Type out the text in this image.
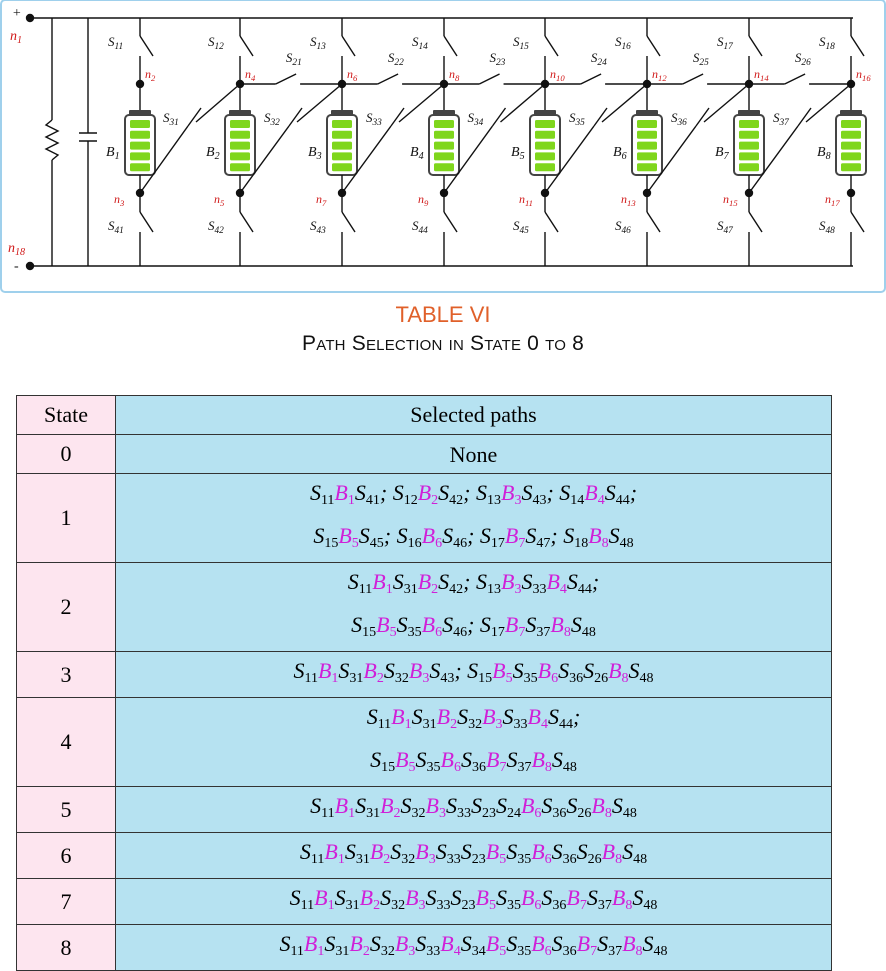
+
-
$n_1$
$n_{18}$
$S_{11}$
$n_2$
$B_1$
$n_3$
$S_{41}$
$S_{12}$
$n_4$
$B_2$
$n_5$
$S_{42}$
$S_{13}$
$n_6$
$B_3$
$n_7$
$S_{43}$
$S_{14}$
$n_8$
$B_4$
$n_9$
$S_{44}$
$S_{15}$
$n_{10}$
$B_5$
$n_{11}$
$S_{45}$
$S_{16}$
$n_{12}$
$B_6$
$n_{13}$
$S_{46}$
$S_{17}$
$n_{14}$
$B_7$
$n_{15}$
$S_{47}$
$S_{18}$
$n_{16}$
$B_8$
$n_{17}$
$S_{48}$
$S_{31}$	$S_{32}$	$S_{33}$	$S_{34}$	$S_{35}$	$S_{36}$	$S_{37}$
$S_{21}$	$S_{22}$	$S_{23}$	$S_{24}$	$S_{25}$	$S_{26}$
TABLE VI
Path Selection in State 0 to 8
State	Selected paths
0	None

1	$S_{11}B_1S_{41}$; $S_{12}B_2S_{42}$; $S_{13}B_3S_{43}$; $S_{14}B_4S_{44}$;
$S_{15}B_5S_{45}$; $S_{16}B_6S_{46}$; $S_{17}B_7S_{47}$; $S_{18}B_8S_{48}$

2	$S_{11}B_1S_{31}B_2S_{42}$; $S_{13}B_3S_{33}B_4S_{44}$;
$S_{15}B_5S_{35}B_6S_{46}$; $S_{17}B_7S_{37}B_8S_{48}$

3	$S_{11}B_1S_{31}B_2S_{32}B_3S_{43}$; $S_{15}B_5S_{35}B_6S_{36}S_{26}B_8S_{48}$

4	$S_{11}B_1S_{31}B_2S_{32}B_3S_{33}B_4S_{44}$;
$S_{15}B_5S_{35}B_6S_{36}B_7S_{37}B_8S_{48}$

5	$S_{11}B_1S_{31}B_2S_{32}B_3S_{33}S_{23}S_{24}B_6S_{36}S_{26}B_8S_{48}$

6	$S_{11}B_1S_{31}B_2S_{32}B_3S_{33}S_{23}B_5S_{35}B_6S_{36}S_{26}B_8S_{48}$

7	$S_{11}B_1S_{31}B_2S_{32}B_3S_{33}S_{23}B_5S_{35}B_6S_{36}B_7S_{37}B_8S_{48}$

8	$S_{11}B_1S_{31}B_2S_{32}B_3S_{33}B_4S_{34}B_5S_{35}B_6S_{36}B_7S_{37}B_8S_{48}$
